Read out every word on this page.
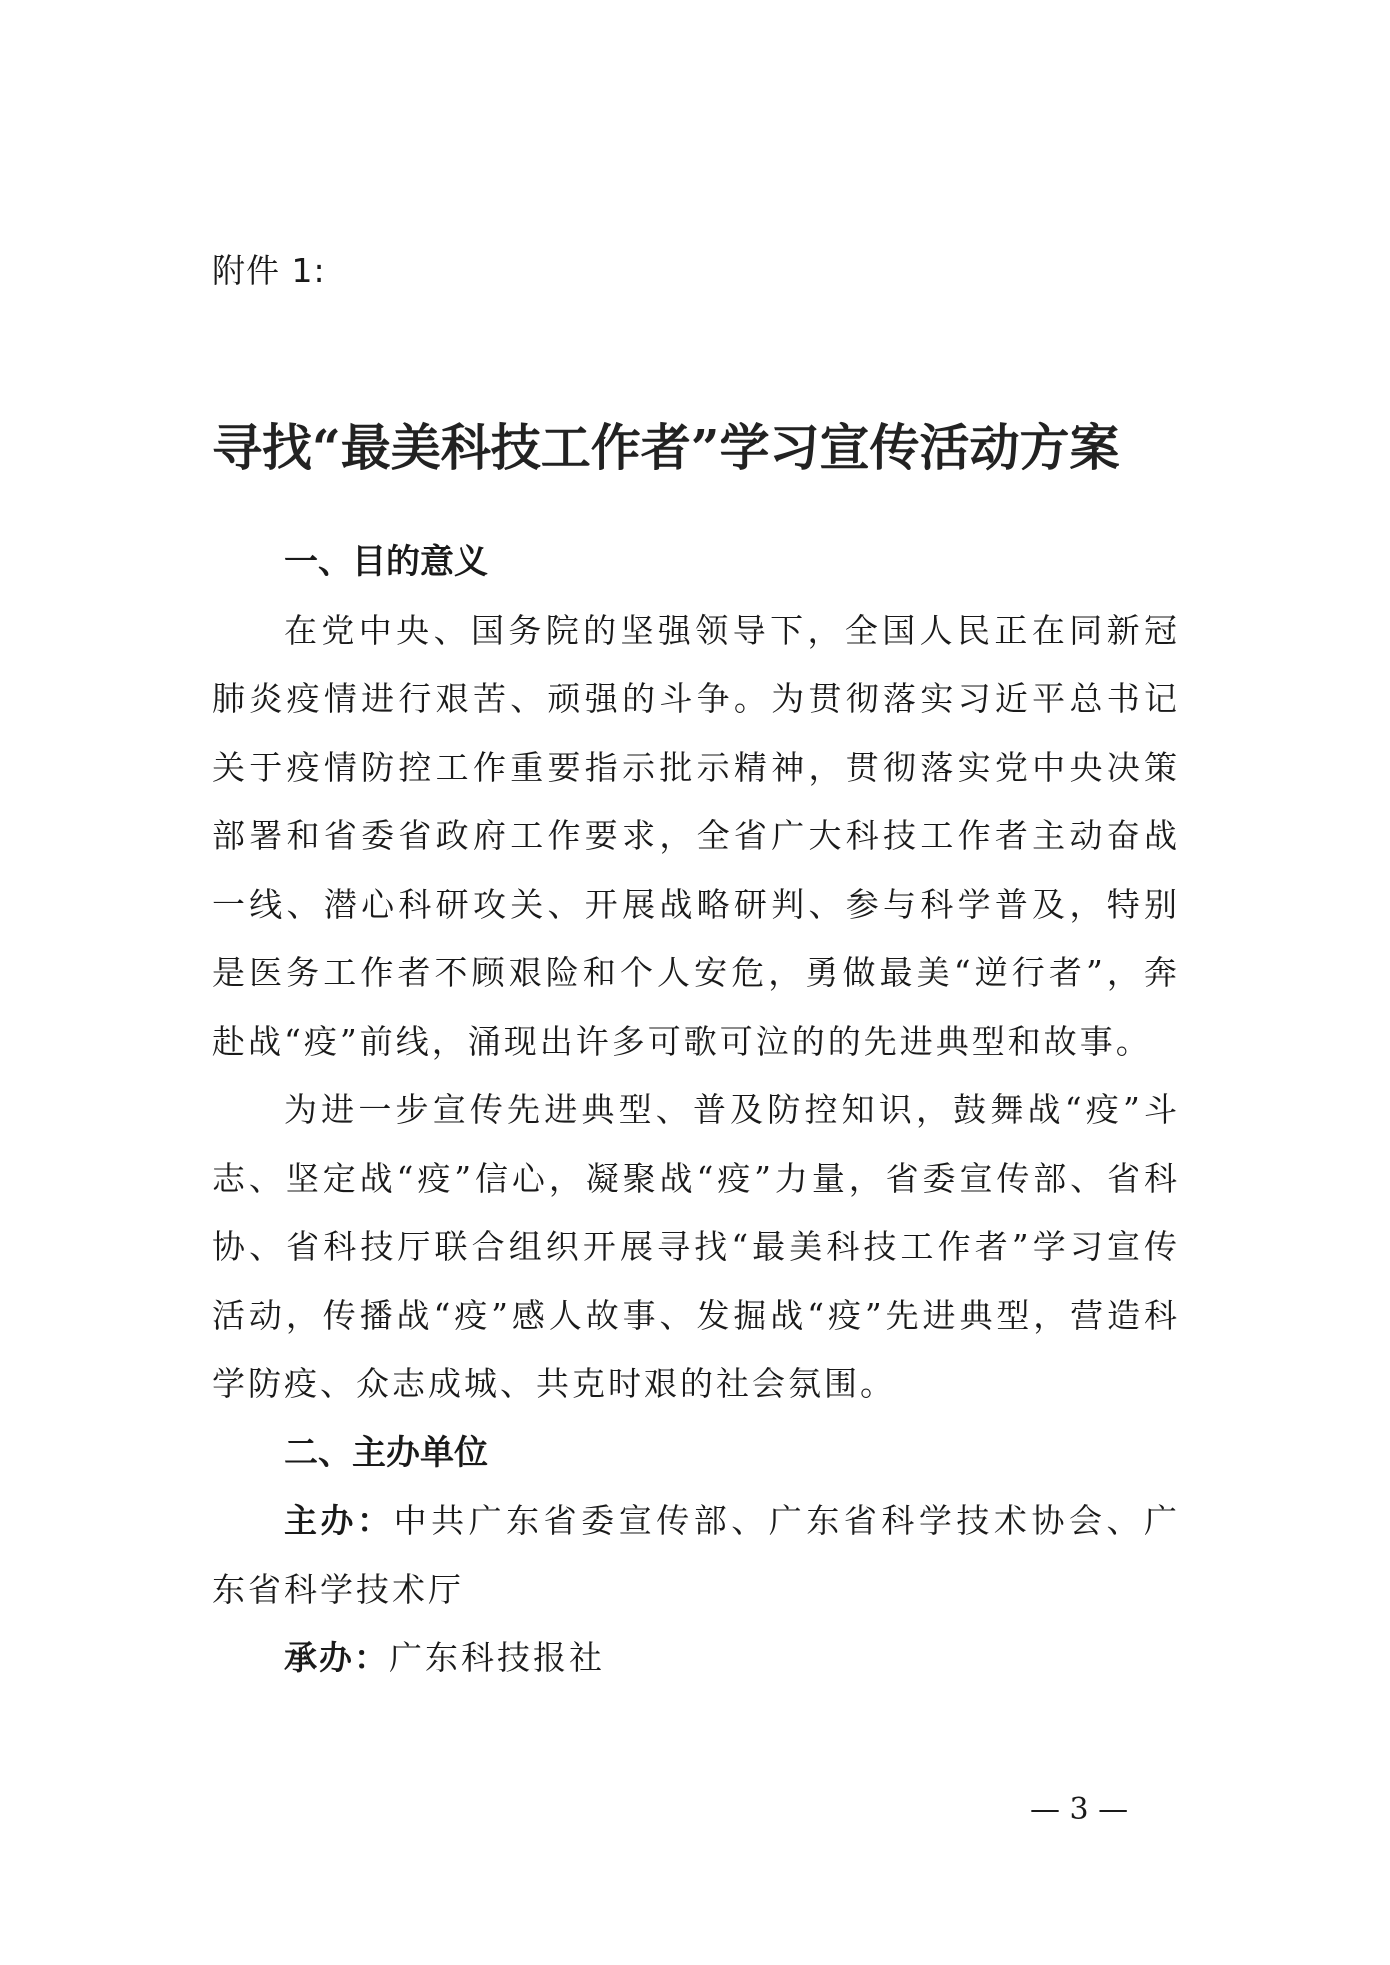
附件 1:
寻找“最美科技工作者”学习宣传活动方案

一、目的意义

在党中央、国务院的坚强领导下，全国人民正在同新冠肺炎疫情进行艰苦、顽强的斗争。为贯彻落实习近平总书记关于疫情防控工作重要指示批示精神，贯彻落实党中央决策部署和省委省政府工作要求，全省广大科技工作者主动奋战一线、潜心科研攻关、开展战略研判、参与科学普及，特别是医务工作者不顾艰险和个人安危，勇做最美“逆行者”，奔赴战“疫”前线，涌现出许多可歌可泣的的先进典型和故事。

为进一步宣传先进典型、普及防控知识，鼓舞战“疫”斗志、坚定战“疫”信心，凝聚战“疫”力量，省委宣传部、省科协、省科技厅联合组织开展寻找“最美科技工作者”学习宣传活动，传播战“疫”感人故事、发掘战“疫”先进典型，营造科学防疫、众志成城、共克时艰的社会氛围。

二、主办单位

主办：中共广东省委宣传部、广东省科学技术协会、广东省科学技术厅

承办：广东科技报社

— 3 —
